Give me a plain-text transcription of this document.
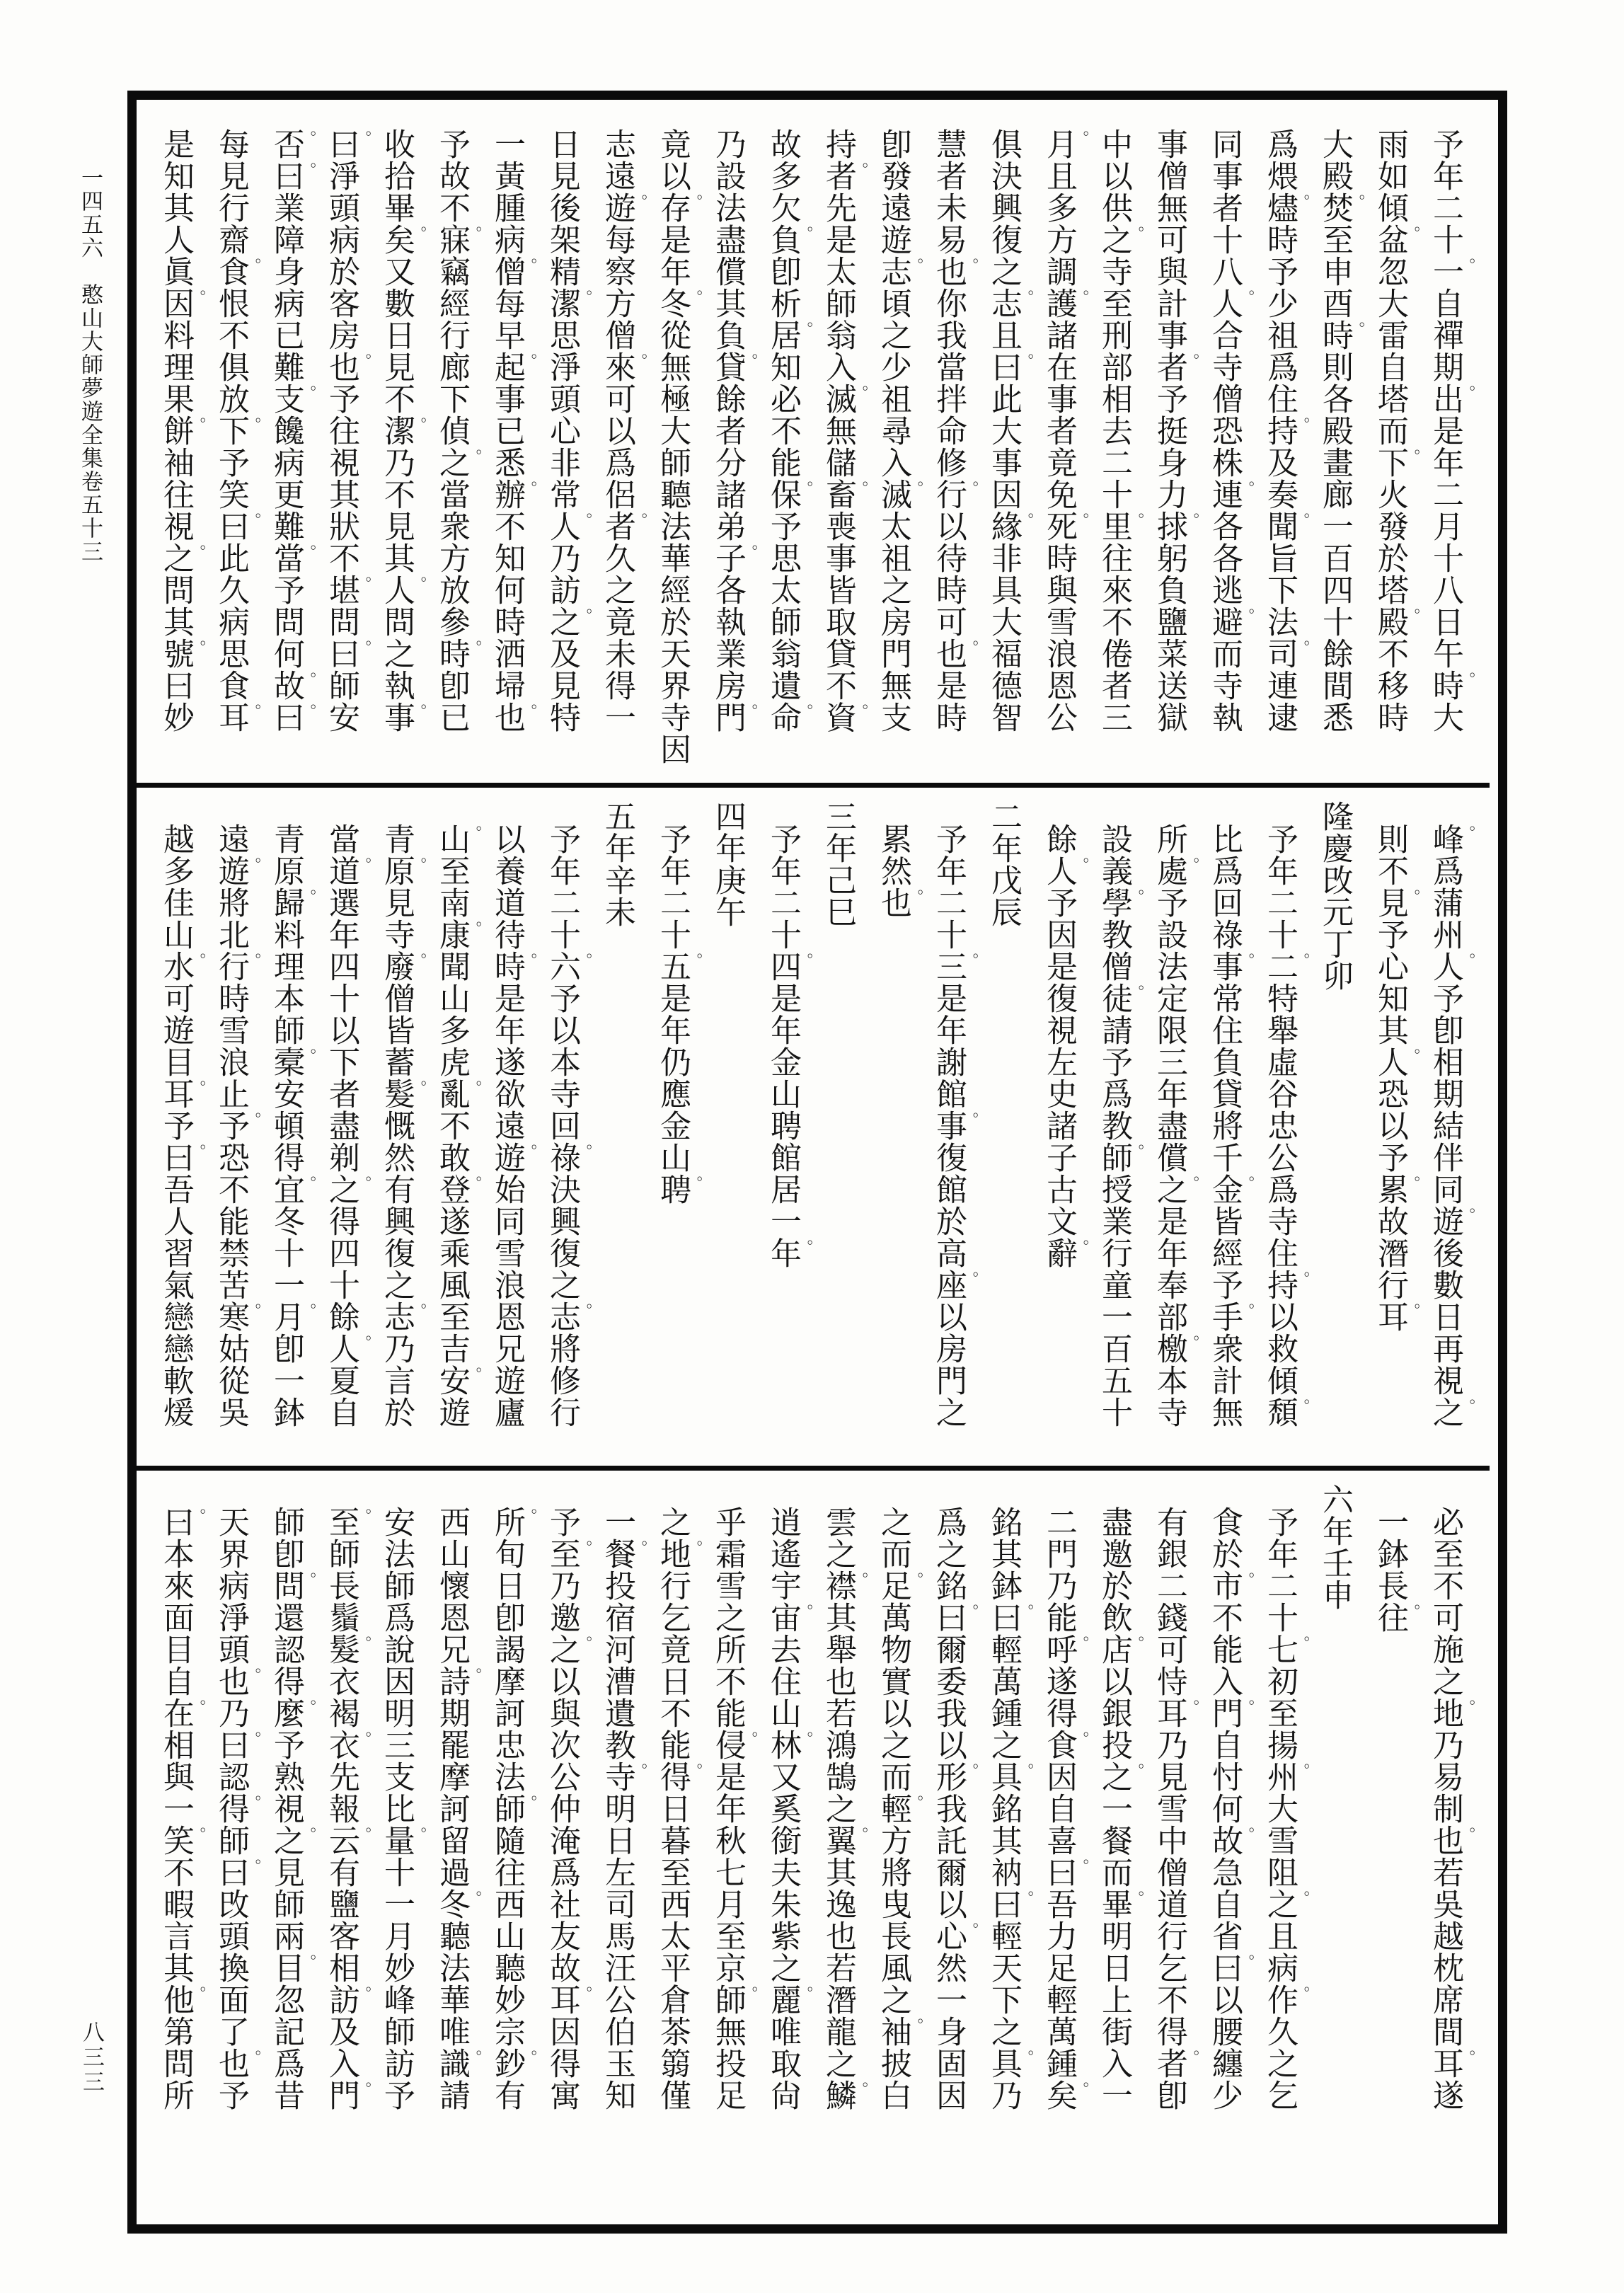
一四五六　憨山大師夢遊全集卷五十三
八三三
予年二十一
。
自禪期出
。
是年二月十八日午時
。
大
雨如傾盆
。
忽大雷自塔而下
。
火發於塔殿
。
不移時
大殿焚
。
至申酉時
。
則各殿畫廊一百四十餘間悉
爲煨燼
。
時予少祖爲住持
。
及奏聞
。
旨下法司
。
連逮
同事者十八人
。
合寺僧恐株連
。
各各逃避
。
而寺執
事僧無可與計事者
。
予挺身力捄
。
躬負鹽菜送獄
中以供之
。
寺至刑部相去二十里
。
往來不倦者三
月
。
且多方調護
。
諸在事者竟免死
。
時與雪浪恩公
俱決興復之志
。
且曰
。
此大事因緣
。
非具大福德智
慧者未易也
。
你我當拌命修行
。
以待時可也
。
是時
卽發遠遊志
。
頃之少祖尋入滅
。
太祖之房門無支
持者
。
先是太師翁入滅
。
無儲畜
。
喪事皆取貸不資
。
故多欠負
。
卽析居
。
知必不能保
。
予思太師翁遺命
。
乃設法盡償其負貸
。
餘者分諸弟子
。
各執業房門
。
竟以存
。
是年冬
。
從無極大師聽法華經於天界寺因
志遠遊
。
每察方僧來
。
可以爲侶者
。
久之竟未得一
日見後架精潔
。
思淨頭心非常人
。
乃訪之
。
及見特
一黃腫病僧
。
每早起
。
事已悉辦
。
不知何時洒埽也
。
予故不寐
。
竊經行廊下偵之
。
當衆方放參時
。
卽已
收拾畢矣
。
又數日見不潔
。
乃不見其人
。
問之執事
。
曰
。
淨頭病於客房也
。
予往視其狀不堪
。
問曰
。
師安
否
。
曰
。
業障身病已難支
。
饞病更難當
。
予問何故
。
曰
。
每見行齋食
。
恨不俱放下
。
予笑曰
。
此久病思食耳
。
是知其人眞因
。
料理果餅
。
袖往視之
。
問其號
。
曰妙
峰
。
爲蒲州人
。
予卽相期結伴同遊
。
後數日再視之
。
則不見
。
予心知其人
。
恐以予累
。
故潛行耳
。
隆慶攺元丁卯
予年二十二
。
特舉虛谷忠公爲寺住持
。
以救傾頹
。
比爲回祿事
。
常住負貸將千金
。
皆經予手
。
衆計無
所處
。
予設法定限三年盡償之
。
是年奉部檄
。
本寺
設義學
。
教僧徒
。
請予爲教師
。
授業行童一百五十
餘人
。
予因是復視左史諸子古文辭
。
二年戊辰
予年二十三
。
是年謝館事
。
復館於高座
。
以房門之
累然也
。
三年己巳
予年二十四
。
是年金山聘館居一年
。
四年庚午
予年二十五
。
是年仍應金山聘
。
五年辛未
予年二十六
。
予以本寺回祿
。
決興復之志
。
將修行
以養道待時
。
是年遂欲遠遊
。
始同雪浪恩兄遊廬
山
。
至南康
。
聞山多虎亂
。
不敢登
。
遂乘風至吉安
。
遊
青原
。
見寺廢
。
僧皆蓄髮
。
慨然有興復之志
。
乃言於
當道
。
選年四十以下者盡剃之
。
得四十餘人
。
夏自
青原歸
。
料理本師槖
。
安頓得宜
。
冬十一月
。
卽一鉢
遠遊
。
將北行
。
時雪浪止予
。
恐不能禁苦寒
。
姑從吳
越多佳山水
。
可遊目耳
。
予曰
。
吾人習氣戀戀軟煖
必至不可施之地
。
乃易制也
。
若吳越枕席間耳
。
遂
一鉢長往
。
六年壬申
予年二十七
。
初至揚州
。
大雪阻之
。
且病作
。
久之乞
食於市
。
不能入門
。
自忖何故
。
急自省曰
。
以腰纏少
有銀二錢可恃耳
。
乃見雪中僧道行乞不得者
。
卽
盡邀於飲店
。
以銀投之
。
一餐而畢
。
明日上街入一
二門乃能呼
。
遂得食
。
因自喜曰
。
吾力足輕萬鍾矣
。
銘其鉢曰
。
輕萬鍾之具
。
銘其衲曰
。
輕天下之具
。
乃
爲之銘曰
。
爾委我以形
。
我託爾以心
。
然一身固因
之而足
。
萬物實以之而輕
。
方將曳長風之袖
。
披白
雲之襟
。
其舉也若鴻鵠之翼
。
其逸也若潛龍之鱗
。
逍遙宇宙
。
去住山林
。
又奚銜夫朱紫之麗
。
唯取尙
乎霜雪之所不能侵
。
是年秋七月至京師
。
無投足
之地
。
行乞竟日不能得
。
日暮至西太平倉茶篛僅
一餐
。
投宿河漕遺教寺
。
明日左司馬汪公伯玉知
予至
。
乃邀之
。
以與次公仲淹爲社友故耳
。
因得寓
所
。
旬日卽謁摩訶忠法師
。
隨往西山聽妙宗鈔
。
有
西山懷恩兄詩
。
期罷摩訶留過冬
。
聽法華唯識
。
請
安法師爲說因明三支比量
。
十一月妙峰師訪予
至
。
師長鬚髮
。
衣褐衣
。
先報云
。
有鹽客相訪
。
及入門
。
師卽問
。
還認得麼
。
予熟視之
。
見師兩目
。
忽記爲昔
天界病淨頭也
。
乃曰
。
認得
。
師曰
。
攺頭換面了也
。
予
曰
。
本來面目自在
。
相與一笑
。
不暇言其他
。
第問所
